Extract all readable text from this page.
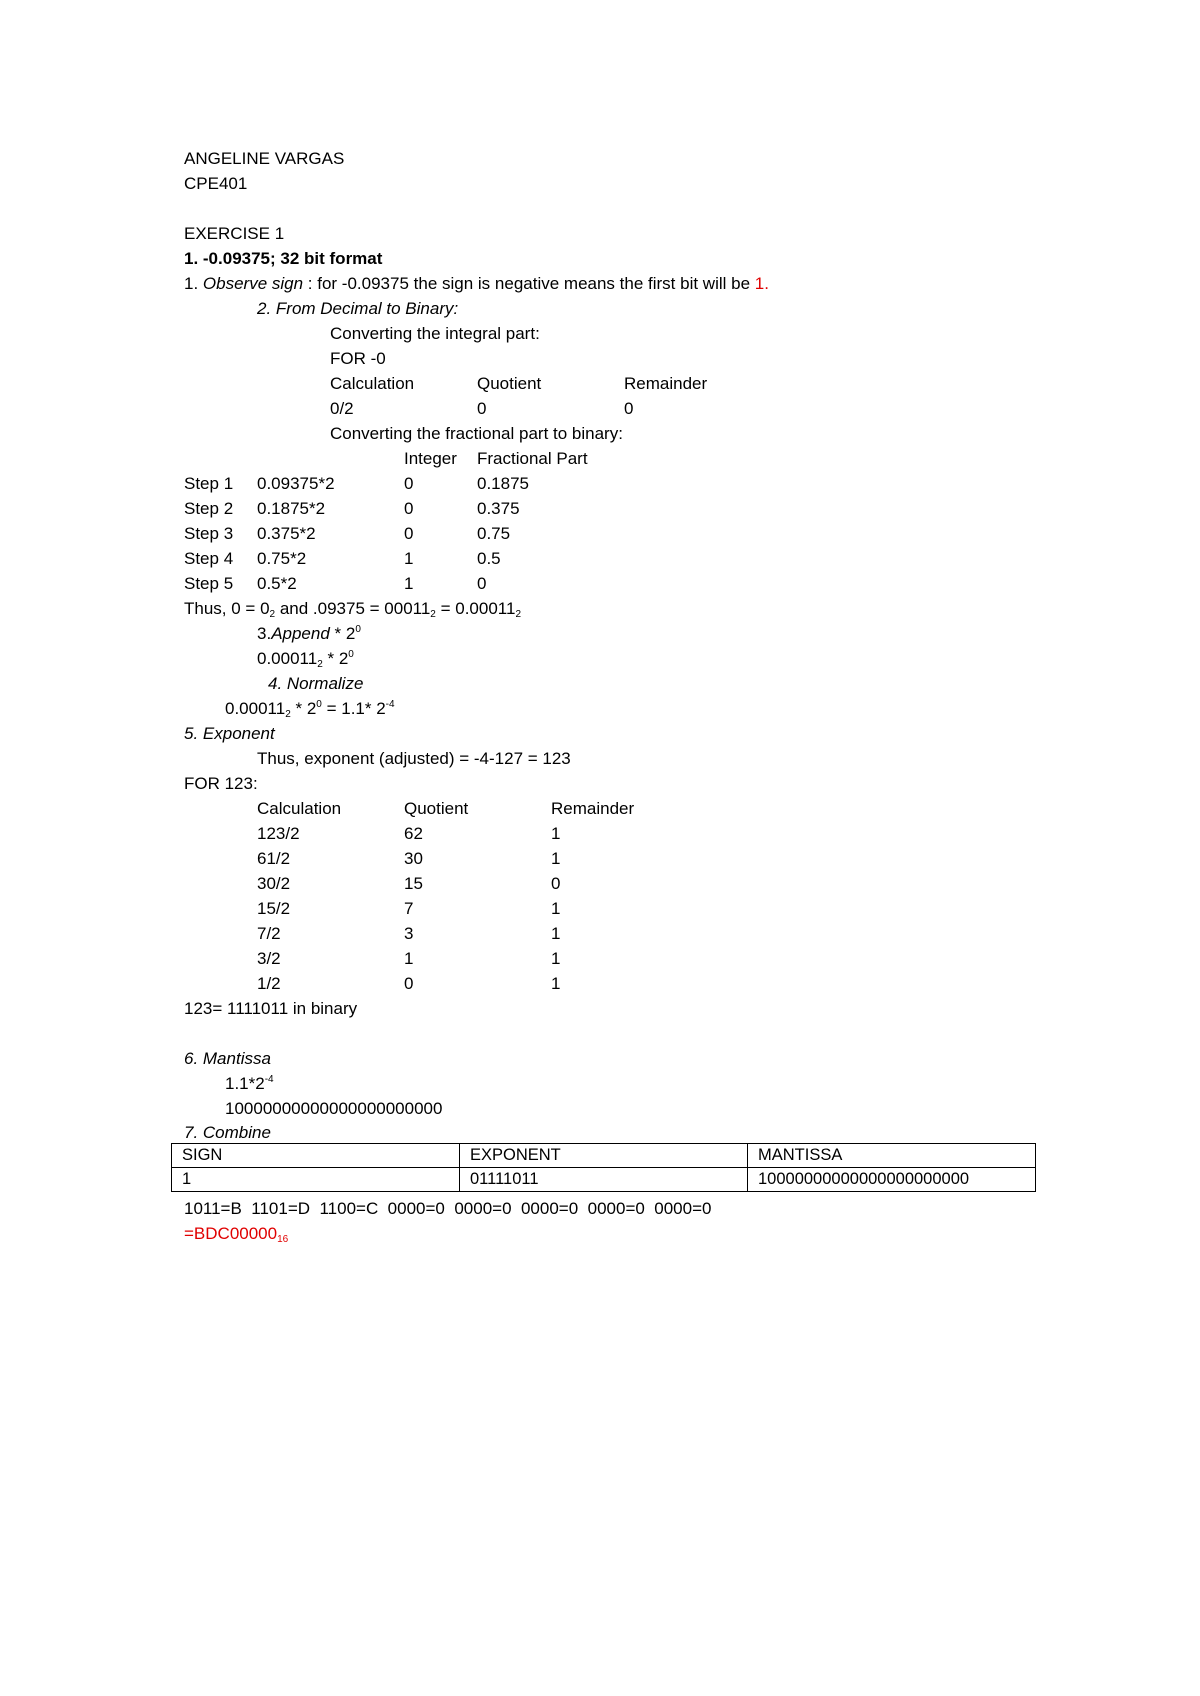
ANGELINE VARGAS
CPE401
EXERCISE 1
1. -0.09375; 32 bit format
1. Observe sign : for -0.09375 the sign is negative means the first bit will be 1.
2. From Decimal to Binary:
Converting the integral part:
FOR -0
Calculation	Quotient	Remainder
0/2	0	0
Converting the fractional part to binary:
Integer Fractional Part
Step 1 0.09375*2	0	0.1875
Step 2 0.1875*2	0	0.375
Step 3 0.375*2	0	0.75
Step 4 0.75*2	1	0.5
Step 5 0.5*2	1	0
Thus, $0 = 0_2$ and $.09375 = 00011_2 = 0.00011_2$
3.Append * $2^0$
$0.00011_2 * 2^0$
4. Normalize
$0.00011_2 * 2^0 = 1.1*$ $2^{-4}$
5. Exponent
Thus, exponent (adjusted) = -4-127 = 123
FOR 123:
Calculation	Quotient	Remainder
123/2	62	1
61/2	30	1
30/2	15	0
15/2	7	1
7/2	3	1
3/2	1	1
1/2	0	1
123= 1111011 in binary
6. Mantissa
$1.1*2^{-4}$
10000000000000000000000
7. Combine
SIGN	EXPONENT	MANTISSA
1	01111011	10000000000000000000000
1011=B  1101=D  1100=C  0000=0  0000=0  0000=0  0000=0  0000=0
$=BDC00000_{16}$
